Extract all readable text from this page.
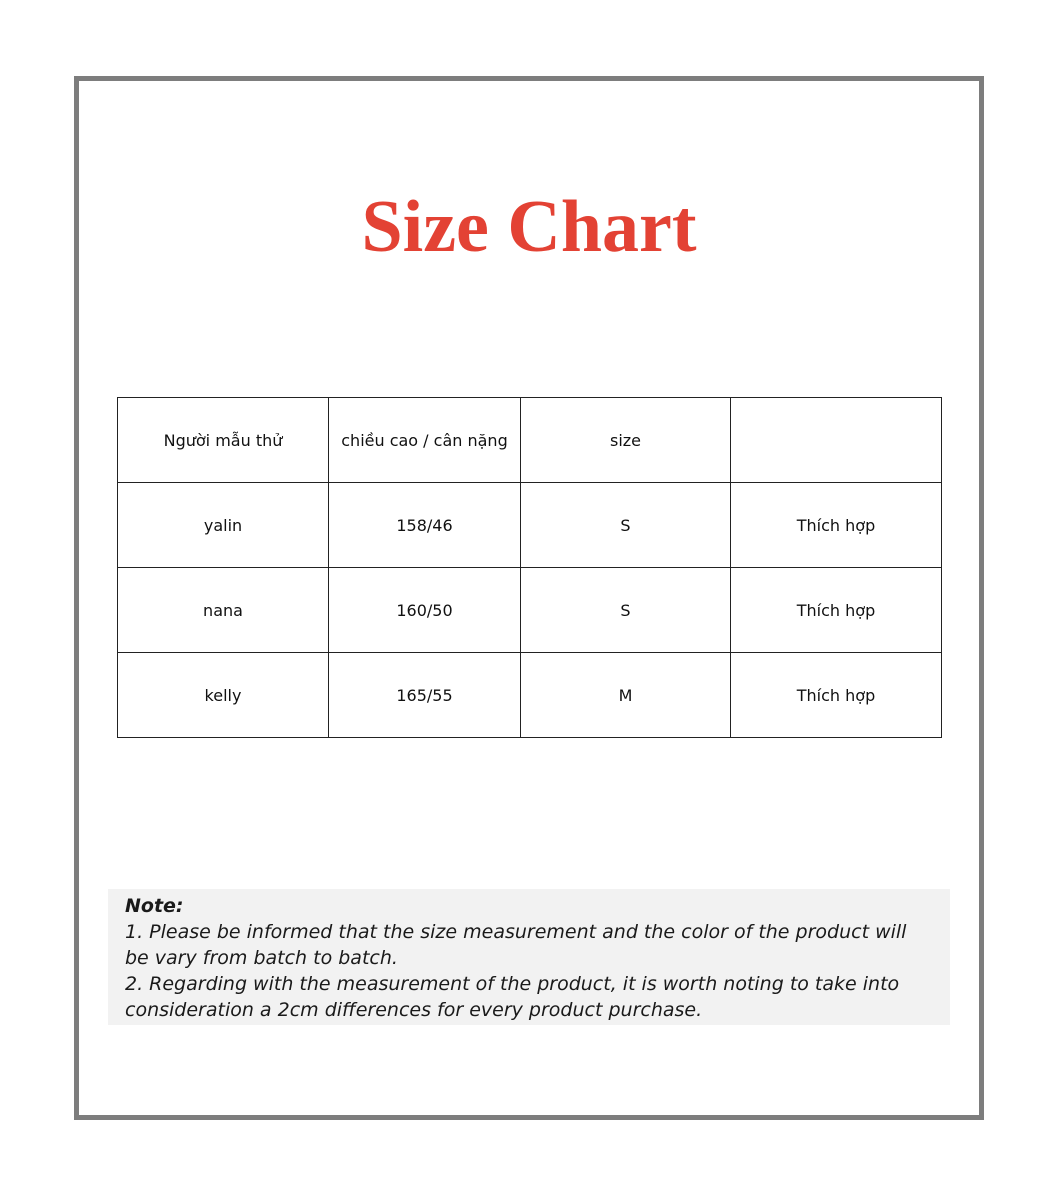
Size Chart
Người mẫu thử	chiều cao / cân nặng	size	
yalin	158/46	S	Thích hợp
nana	160/50	S	Thích hợp
kelly	165/55	M	Thích hợp
Note:
1. Please be informed that the size measurement and the color of the product will be vary from batch to batch.
2. Regarding with the measurement of the product, it is worth noting to take into consideration a 2cm differences for every product purchase.
